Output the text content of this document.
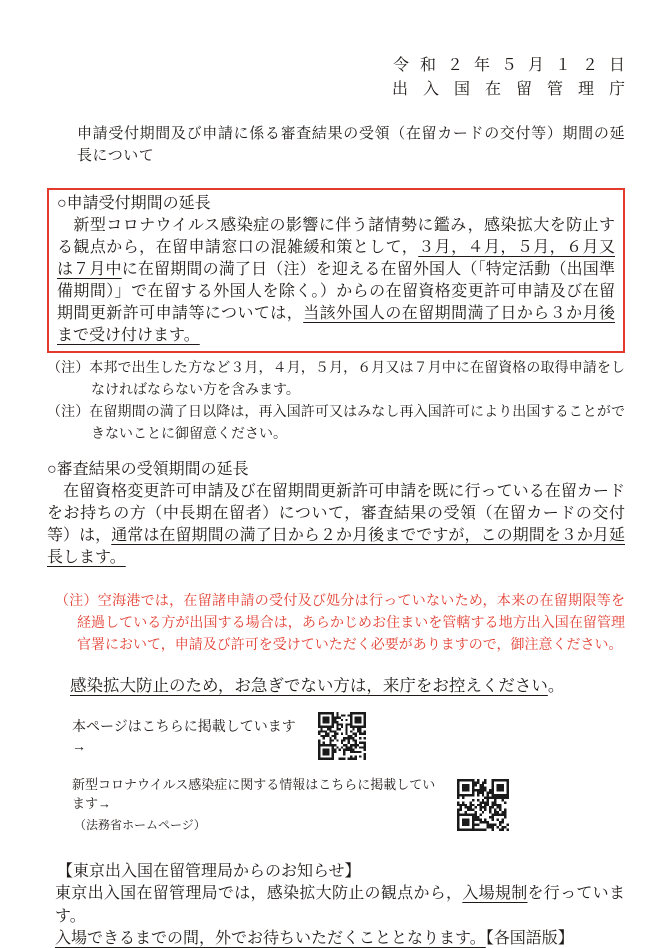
令和２年５月１２日
出入国在留管理庁
申請受付期間及び申請に係る審査結果の受領（在留カードの交付等）期間の延長について
○申請受付期間の延長
　新型コロナウイルス感染症の影響に伴う諸情勢に鑑み，感染拡大を防止する観点から，在留申請窓口の混雑緩和策として，３月，４月，５月，６月又は７月中に在留期間の満了日（注）を迎える在留外国人（「特定活動（出国準備期間）」で在留する外国人を除く。）からの在留資格変更許可申請及び在留期間更新許可申請等については，当該外国人の在留期間満了日から３か月後まで受け付けます。
（注）本邦で出生した方など３月，４月，５月，６月又は７月中に在留資格の取得申請をしなければならない方を含みます。
（注）在留期間の満了日以降は，再入国許可又はみなし再入国許可により出国することができないことに御留意ください。
○審査結果の受領期間の延長
　在留資格変更許可申請及び在留期間更新許可申請を既に行っている在留カードをお持ちの方（中長期在留者）について，審査結果の受領（在留カードの交付等）は，通常は在留期間の満了日から２か月後までですが，この期間を３か月延長します。
（注）空海港では，在留諸申請の受付及び処分は行っていないため，本来の在留期限等を経過している方が出国する場合は，あらかじめお住まいを管轄する地方出入国在留管理官署において，申請及び許可を受けていただく必要がありますので，御注意ください。
感染拡大防止のため，お急ぎでない方は，来庁をお控えください。
本ページはこちらに掲載しています→
新型コロナウイルス感染症に関する情報はこちらに掲載しています→
（法務省ホームページ）
【東京出入国在留管理局からのお知らせ】
東京出入国在留管理局では，感染拡大防止の観点から，入場規制を行っています。
入場できるまでの間，外でお待ちいただくこととなります。【各国語版】
